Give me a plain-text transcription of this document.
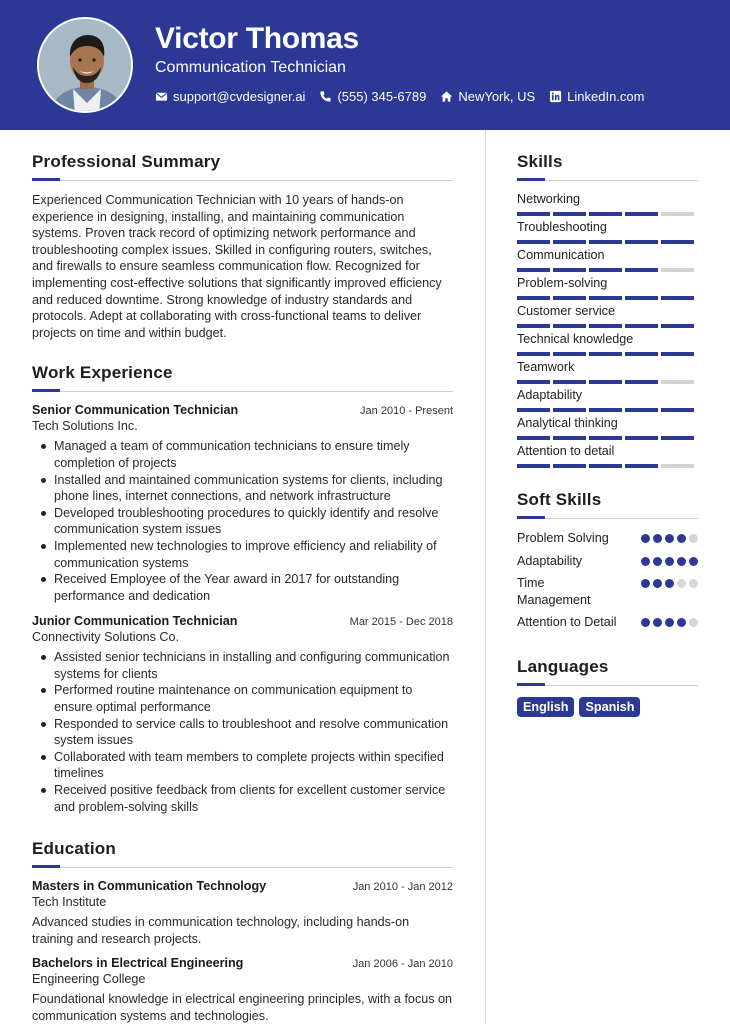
Victor Thomas
Communication Technician
support@cvdesigner.ai (555) 345-6789 NewYork, US LinkedIn.com
Professional Summary

Experienced Communication Technician with 10 years of hands-on experience in designing, installing, and maintaining communication systems. Proven track record of optimizing network performance and troubleshooting complex issues. Skilled in configuring routers, switches, and firewalls to ensure seamless communication flow. Recognized for implementing cost-effective solutions that significantly improved efficiency and reduced downtime. Strong knowledge of industry standards and protocols. Adept at collaborating with cross-functional teams to deliver projects on time and within budget.

Work Experience
Senior Communication Technician	Jan 2010 - Present
Tech Solutions Inc.
Managed a team of communication technicians to ensure timely completion of projects
Installed and maintained communication systems for clients, including phone lines, internet connections, and network infrastructure
Developed troubleshooting procedures to quickly identify and resolve communication system issues
Implemented new technologies to improve efficiency and reliability of communication systems
Received Employee of the Year award in 2017 for outstanding performance and dedication
Junior Communication Technician	Mar 2015 - Dec 2018
Connectivity Solutions Co.
Assisted senior technicians in installing and configuring communication systems for clients
Performed routine maintenance on communication equipment to ensure optimal performance
Responded to service calls to troubleshoot and resolve communication system issues
Collaborated with team members to complete projects within specified timelines
Received positive feedback from clients for excellent customer service and problem-solving skills
Education
Masters in Communication Technology	Jan 2010 - Jan 2012
Tech Institute

Advanced studies in communication technology, including hands-on training and research projects.

Bachelors in Electrical Engineering	Jan 2006 - Jan 2010
Engineering College

Foundational knowledge in electrical engineering principles, with a focus on communication systems and technologies.

Skills
Networking
Troubleshooting
Communication
Problem-solving
Customer service
Technical knowledge
Teamwork
Adaptability
Analytical thinking
Attention to detail
Soft Skills
Problem Solving
Adaptability
Time Management
Attention to Detail
Languages
English	Spanish
